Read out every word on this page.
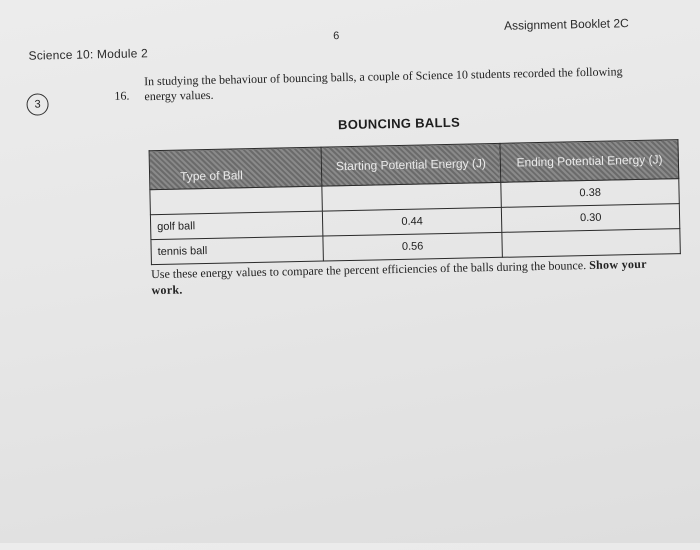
Science 10: Module 2
6
Assignment Booklet 2C
3
16.
In studying the behaviour of bouncing balls, a couple of Science 10 students recorded the following energy values.
BOUNCING BALLS
Type of Ball	Starting Potential Energy (J)	Ending Potential Energy (J)
		0.38
golf ball	0.44	0.30
tennis ball	0.56	
Use these energy values to compare the percent efficiencies of the balls during the bounce. Show your work.
